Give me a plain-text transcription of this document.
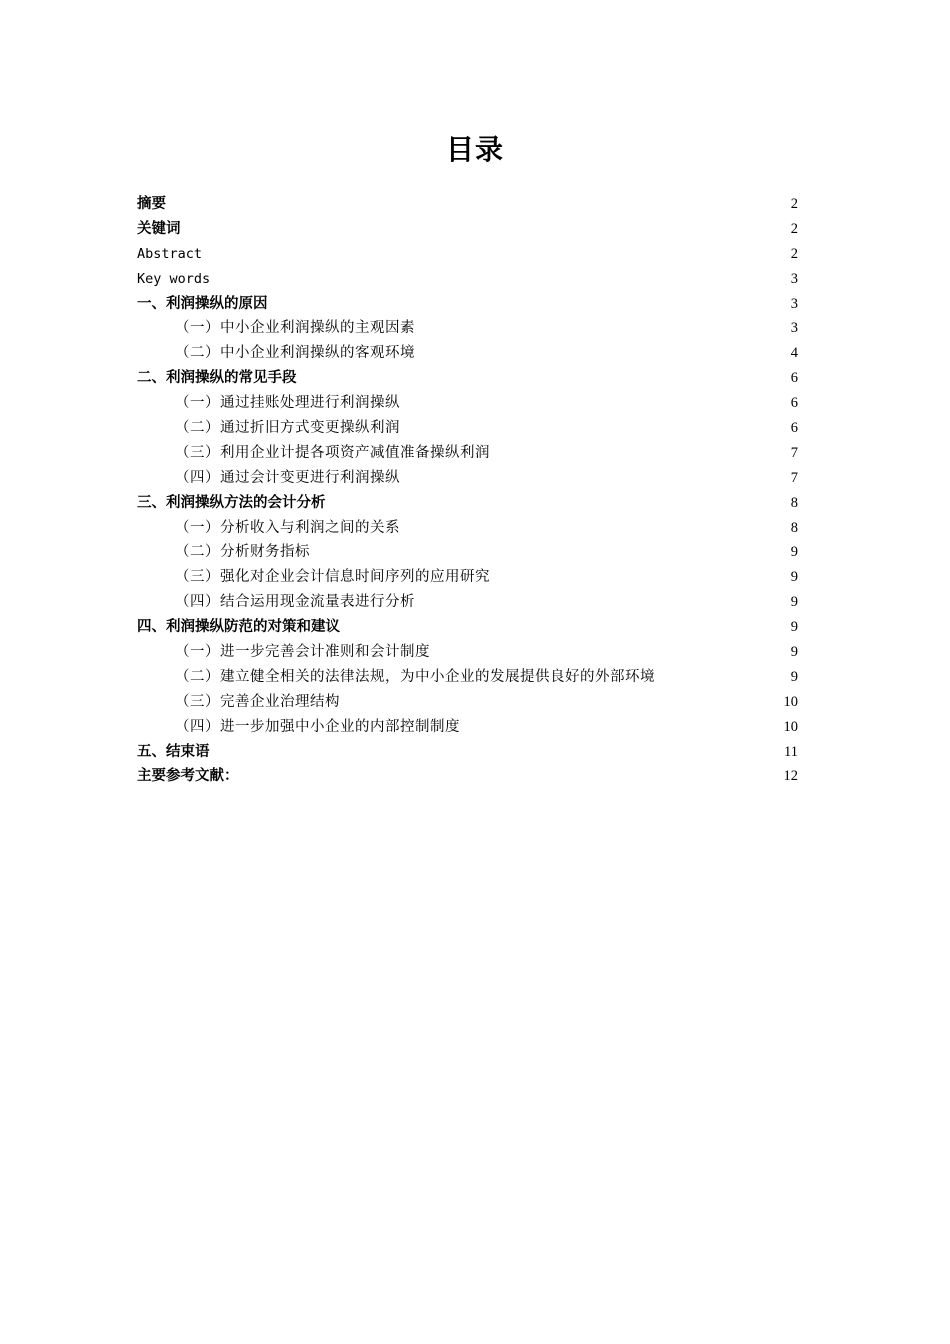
目录
摘要	2
关键词	2
Abstract	2
Key words	3
一、利润操纵的原因	3
（一）中小企业利润操纵的主观因素	3
（二）中小企业利润操纵的客观环境	4
二、利润操纵的常见手段	6
（一）通过挂账处理进行利润操纵	6
（二）通过折旧方式变更操纵利润	6
（三）利用企业计提各项资产减值准备操纵利润	7
（四）通过会计变更进行利润操纵	7
三、利润操纵方法的会计分析	8
（一）分析收入与利润之间的关系	8
（二）分析财务指标	9
（三）强化对企业会计信息时间序列的应用研究	9
（四）结合运用现金流量表进行分析	9
四、利润操纵防范的对策和建议	9
（一）进一步完善会计准则和会计制度	9
（二）建立健全相关的法律法规，为中小企业的发展提供良好的外部环境	9
（三）完善企业治理结构	10
（四）进一步加强中小企业的内部控制制度	10
五、结束语	11
主要参考文献：	12
